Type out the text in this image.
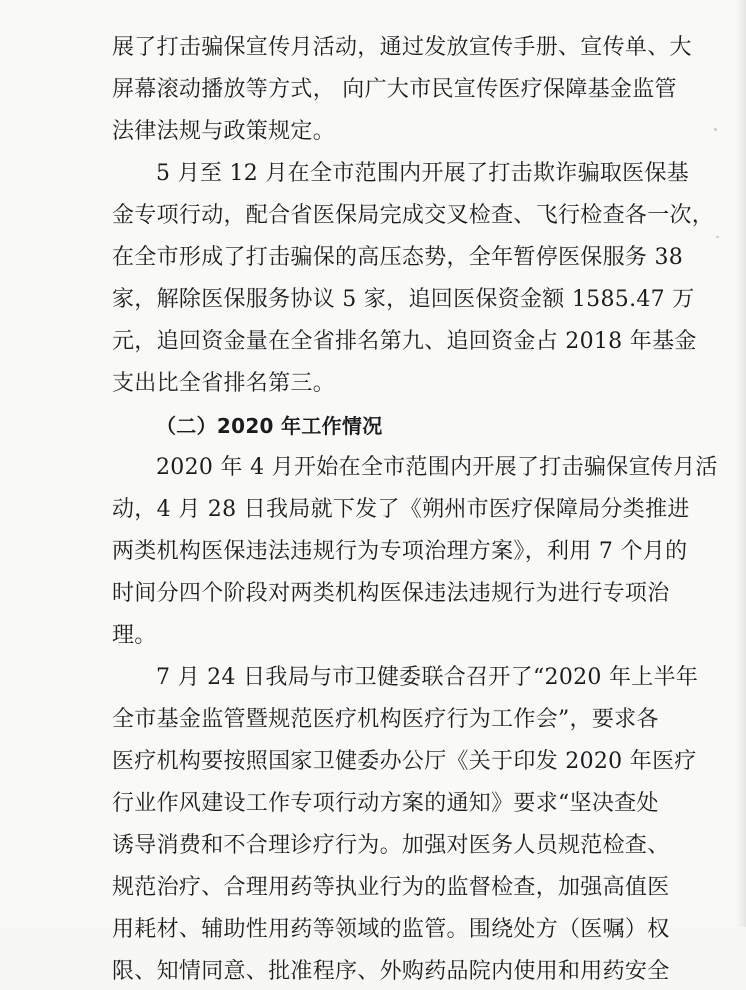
展了打击骗保宣传月活动，通过发放宣传手册、宣传单、大
屏幕滚动播放等方式， 向广大市民宣传医疗保障基金监管
法律法规与政策规定。
5 月至 12 月在全市范围内开展了打击欺诈骗取医保基
金专项行动，配合省医保局完成交叉检查、飞行检查各一次，
在全市形成了打击骗保的高压态势，全年暂停医保服务 38
家，解除医保服务协议 5 家，追回医保资金额 1585.47 万
元，追回资金量在全省排名第九、追回资金占 2018 年基金
支出比全省排名第三。
（二）2020 年工作情况
2020 年 4 月开始在全市范围内开展了打击骗保宣传月活
动，4 月 28 日我局就下发了《朔州市医疗保障局分类推进
两类机构医保违法违规行为专项治理方案》，利用 7 个月的
时间分四个阶段对两类机构医保违法违规行为进行专项治
理。
7 月 24 日我局与市卫健委联合召开了“2020 年上半年
全市基金监管暨规范医疗机构医疗行为工作会”，要求各
医疗机构要按照国家卫健委办公厅《关于印发 2020 年医疗
行业作风建设工作专项行动方案的通知》要求“坚决查处
诱导消费和不合理诊疗行为。加强对医务人员规范检查、
规范治疗、合理用药等执业行为的监督检查，加强高值医
用耗材、辅助性用药等领域的监管。围绕处方（医嘱）权
限、知情同意、批准程序、外购药品院内使用和用药安全
